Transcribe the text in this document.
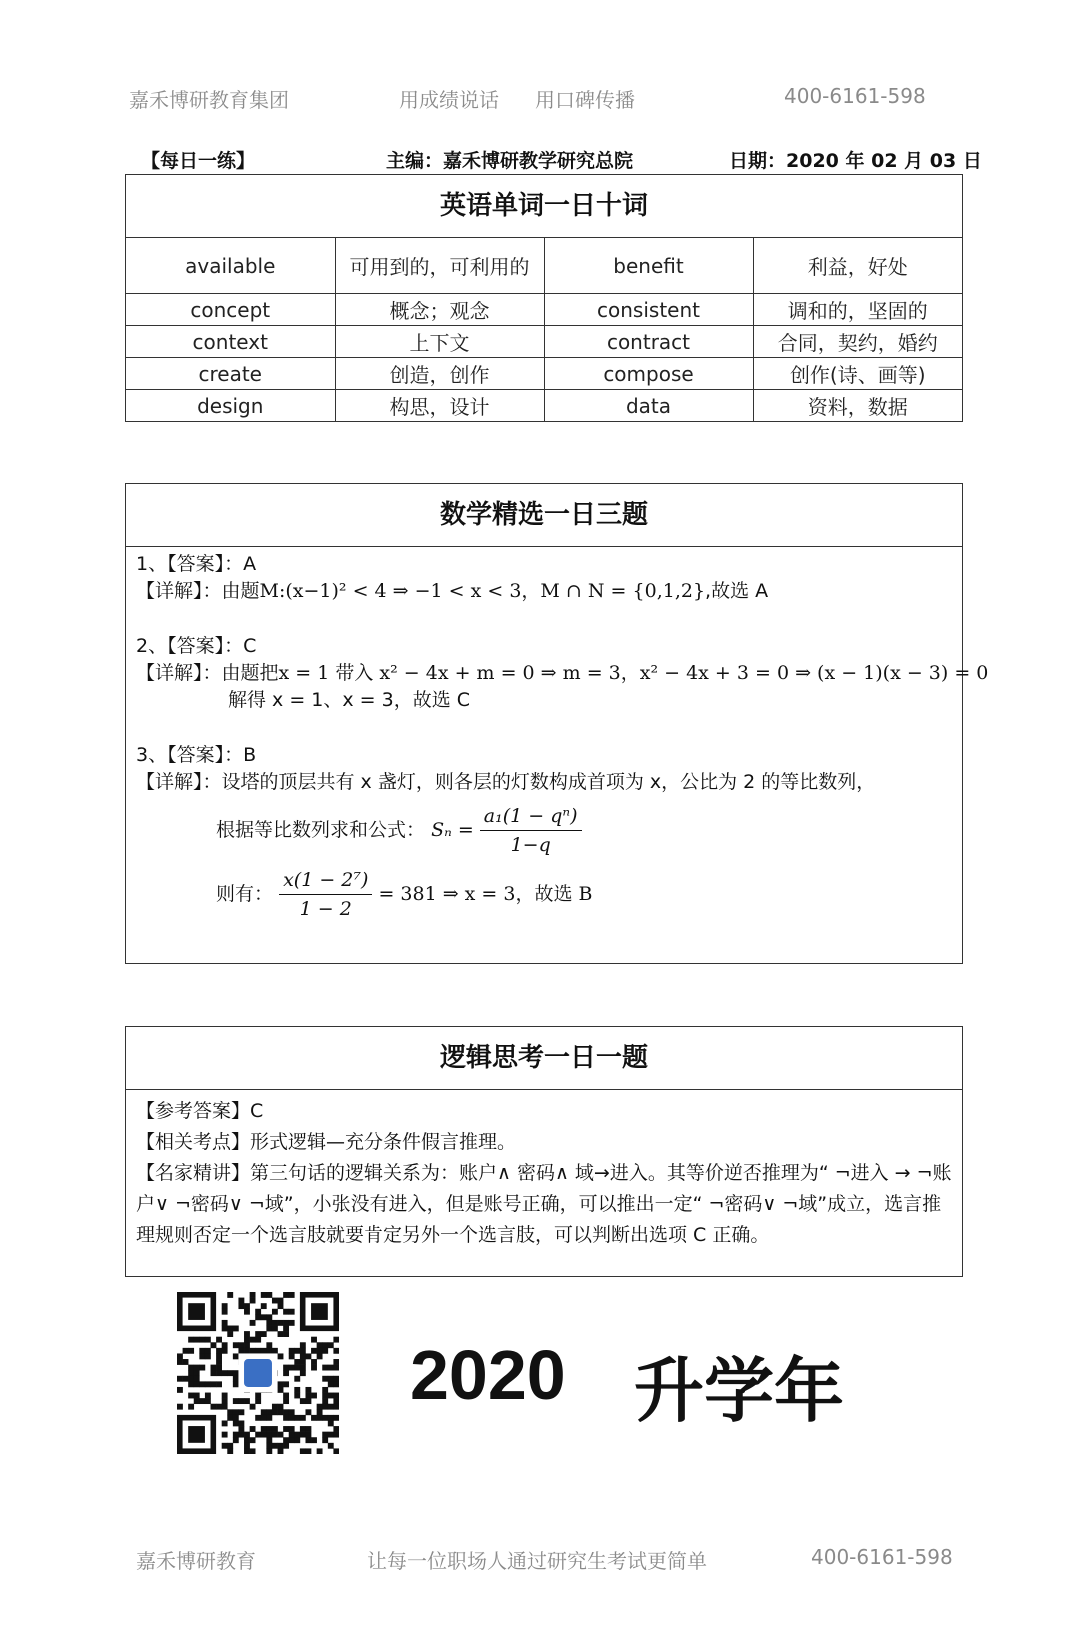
嘉禾博研教育集团	用成绩说话 用口碑传播	400-6161-598
【每日一练】	主编：嘉禾博研教学研究总院	日期：2020 年 02 月 03 日
英语单词一日十词
available	可用到的，可利用的	benefit	利益，好处
concept	概念；观念	consistent	调和的，坚固的
context	上下文	contract	合同，契约，婚约
create	创造，创作	compose	创作(诗、画等)
design	构思，设计	data	资料，数据
数学精选一日三题

1、【答案】：A

【详解】：由题M:(x−1)² < 4 ⇒ −1 < x < 3，M ∩ N = {0,1,2},故选 A

2、【答案】：C

【详解】：由题把x = 1 带入 x² − 4x + m = 0 ⇒ m = 3，x² − 4x + 3 = 0 ⇒ (x − 1)(x − 3) = 0

解得 x = 1、x = 3，故选 C

3、【答案】：B

【详解】：设塔的顶层共有 x 盏灯，则各层的灯数构成首项为 x，公比为 2 的等比数列，

根据等比数列求和公式： $S_n = \frac{\text{a₁(1 − qⁿ)}}{1-q}$

则有： $\frac{\text{x(1 − 2⁷)}}{1 - 2} = 381$ ⇒ x = 3，故选 B

逻辑思考一日一题

【参考答案】C

【相关考点】形式逻辑—充分条件假言推理。

【名家精讲】第三句话的逻辑关系为：账户∧ 密码∧ 域→进入。其等价逆否推理为“ ¬进入 → ¬账户∨ ¬密码∨ ¬域”，小张没有进入，但是账号正确，可以推出一定“ ¬密码∨ ¬域”成立，选言推理规则否定一个选言肢就要肯定另外一个选言肢，可以判断出选项 C 正确。

2020 升学年
嘉禾博研教育	让每一位职场人通过研究生考试更简单	400-6161-598
